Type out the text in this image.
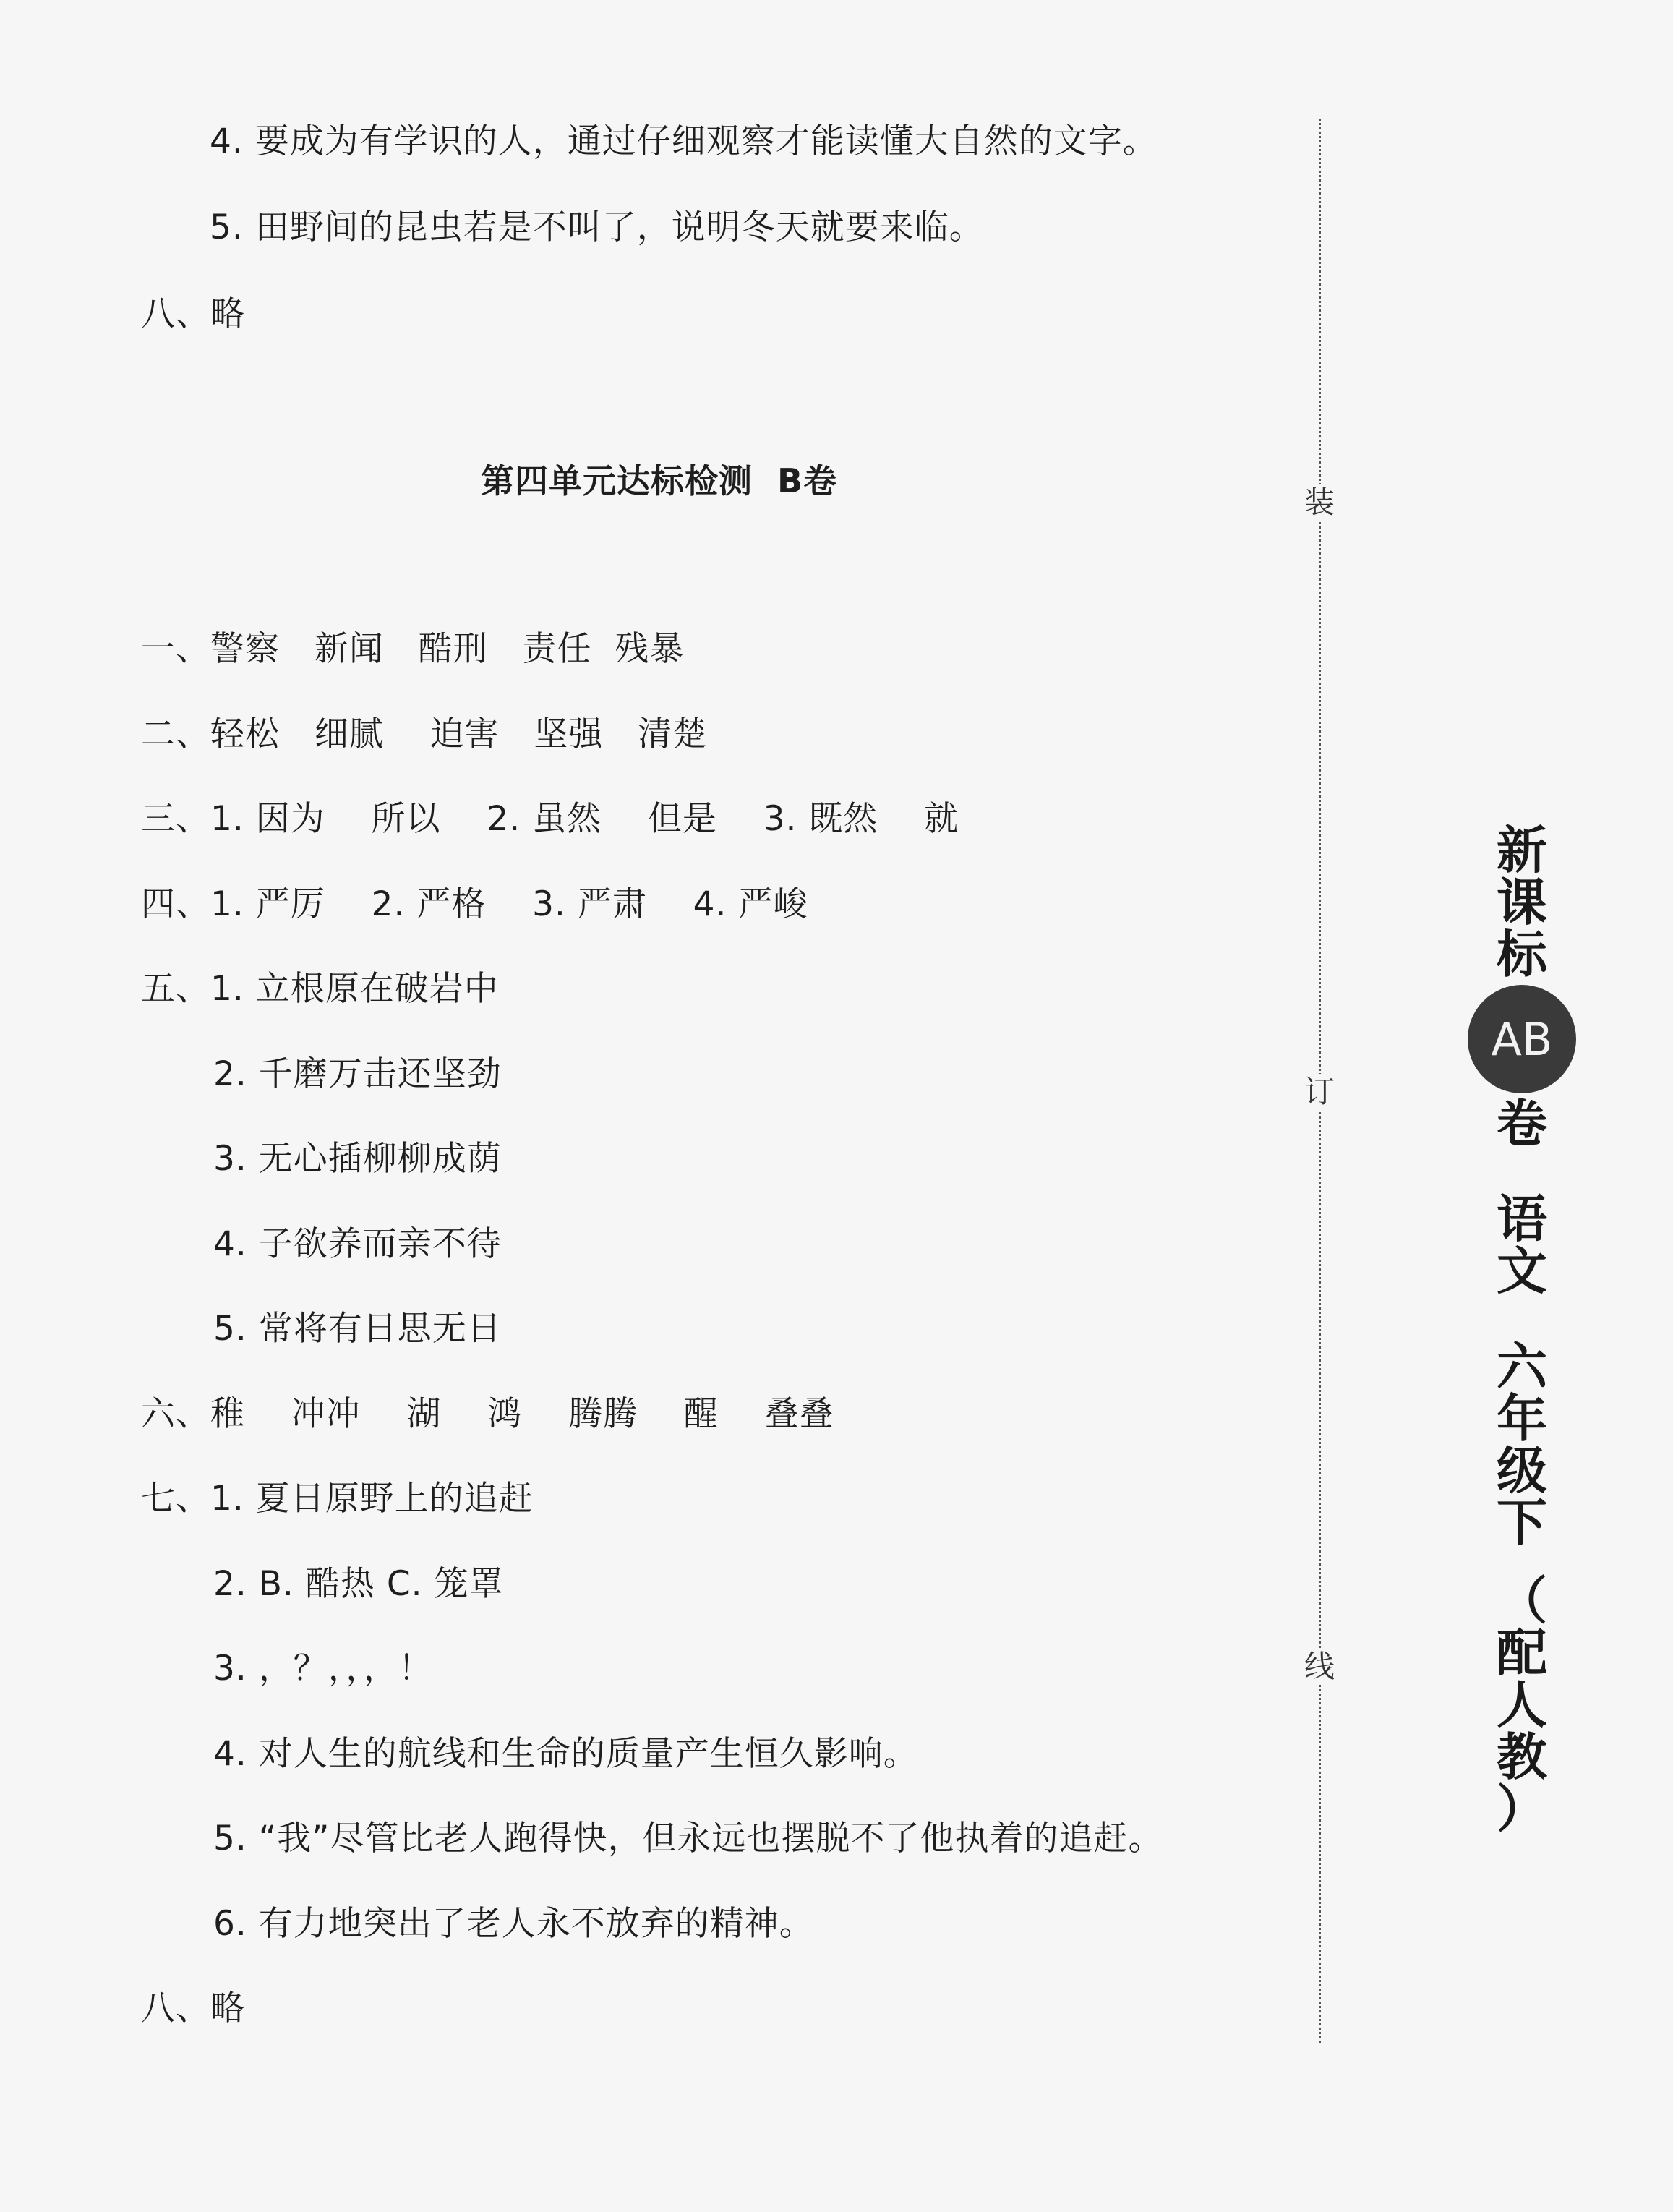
4. 要成为有学识的人，通过仔细观察才能读懂大自然的文字。
5. 田野间的昆虫若是不叫了，说明冬天就要来临。
八、略
第四单元达标检测  B卷
一、警察   新闻   酷刑   责任  残暴
二、轻松   细腻    迫害   坚强   清楚
三、1. 因为    所以    2. 虽然    但是    3. 既然    就
四、1. 严厉    2. 严格    3. 严肃    4. 严峻
五、1. 立根原在破岩中
2. 千磨万击还坚劲
3. 无心插柳柳成荫
4. 子欲养而亲不待
5. 常将有日思无日
六、稚    冲冲    湖    鸿    腾腾    醒    叠叠
七、1. 夏日原野上的追赶
2. B. 酷热 C. 笼罩
3. ，？，，，！
4. 对人生的航线和生命的质量产生恒久影响。
5. “我”尽管比老人跑得快，但永远也摆脱不了他执着的追赶。
6. 有力地突出了老人永不放弃的精神。
八、略
装
订
线
新
课
标
AB
卷
语
文
六
年
级
下
（
配
人
教
）
